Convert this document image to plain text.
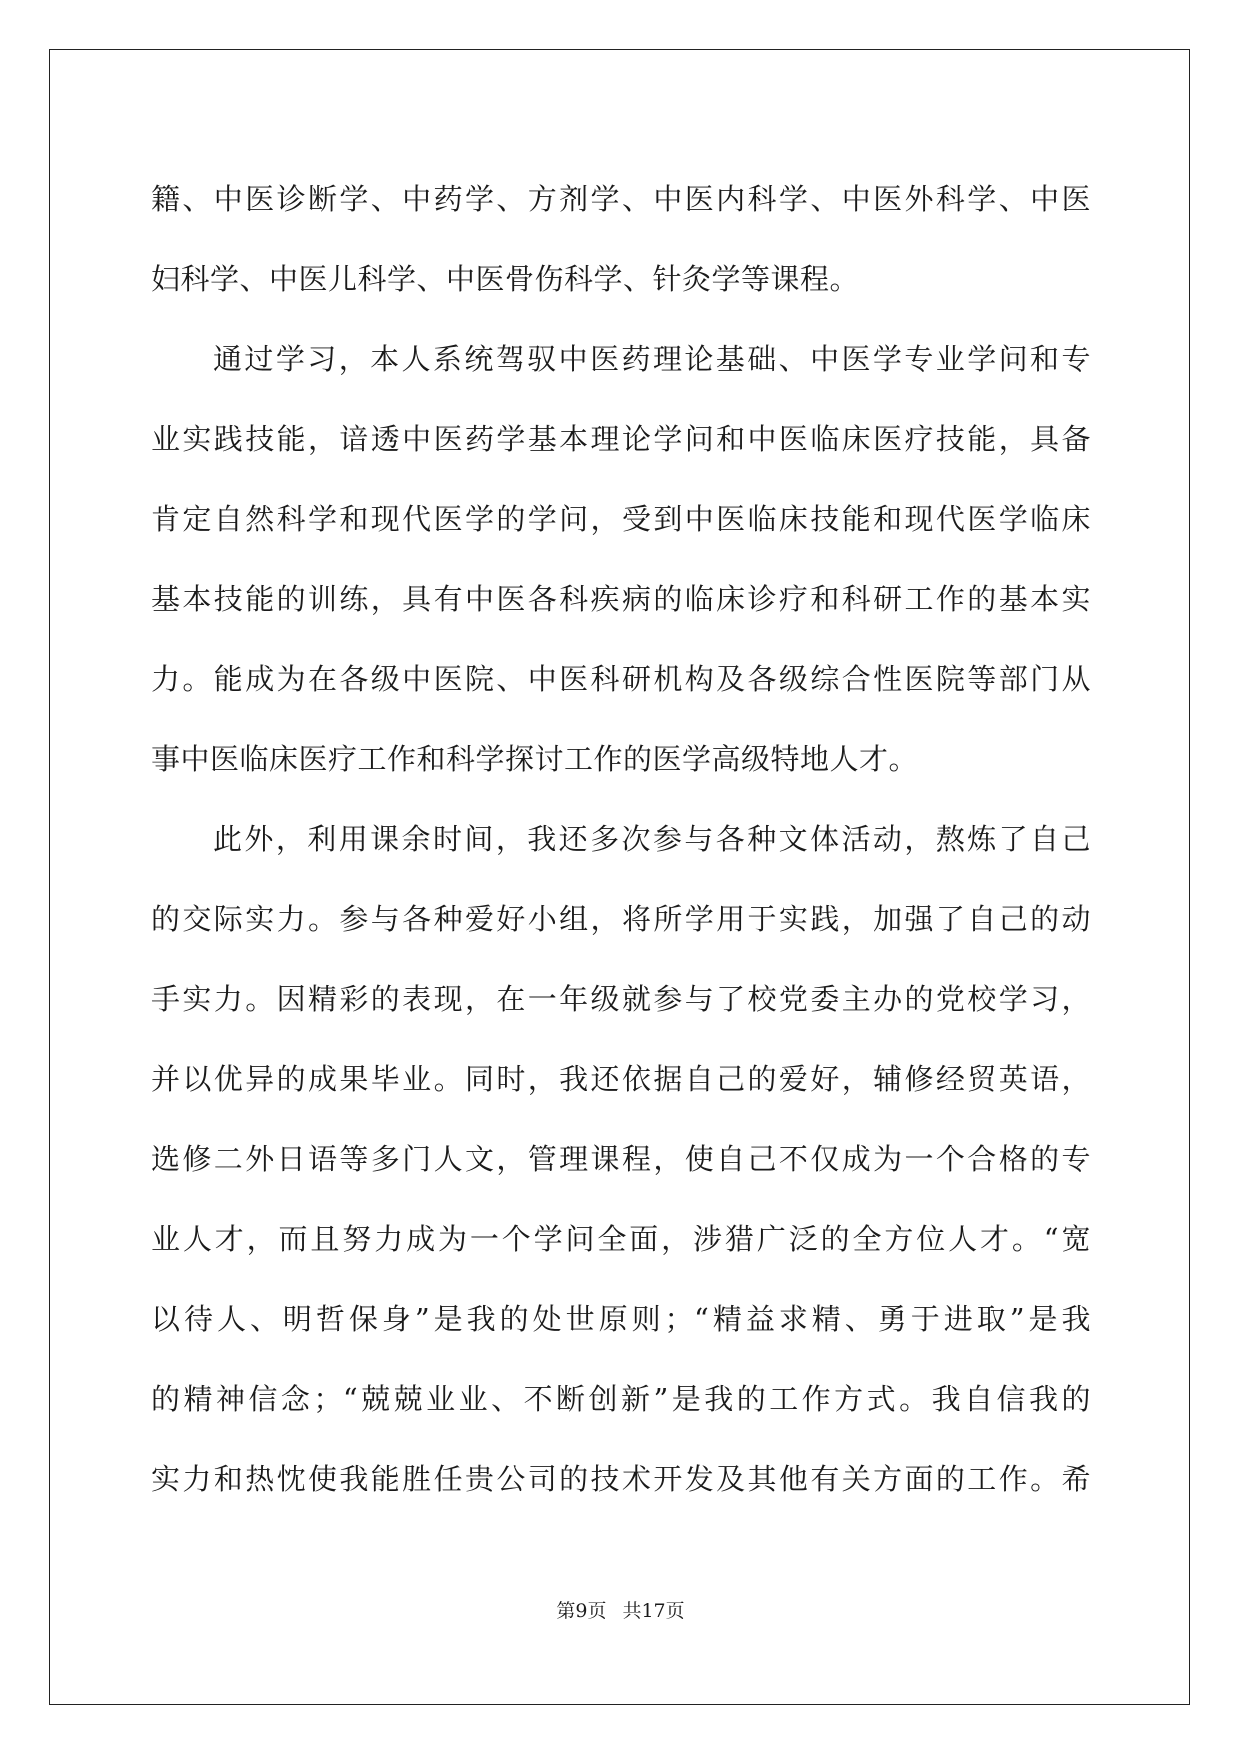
籍、中医诊断学、中药学、方剂学、中医内科学、中医外科学、中医
妇科学、中医儿科学、中医骨伤科学、针灸学等课程。
通过学习，本人系统驾驭中医药理论基础、中医学专业学问和专
业实践技能，谙透中医药学基本理论学问和中医临床医疗技能，具备
肯定自然科学和现代医学的学问，受到中医临床技能和现代医学临床
基本技能的训练，具有中医各科疾病的临床诊疗和科研工作的基本实
力。能成为在各级中医院、中医科研机构及各级综合性医院等部门从
事中医临床医疗工作和科学探讨工作的医学高级特地人才。
此外，利用课余时间，我还多次参与各种文体活动，熬炼了自己
的交际实力。参与各种爱好小组，将所学用于实践，加强了自己的动
手实力。因精彩的表现，在一年级就参与了校党委主办的党校学习，
并以优异的成果毕业。同时，我还依据自己的爱好，辅修经贸英语，
选修二外日语等多门人文，管理课程，使自己不仅成为一个合格的专
业人才，而且努力成为一个学问全面，涉猎广泛的全方位人才。“宽
以待人、明哲保身”是我的处世原则；“精益求精、勇于进取”是我
的精神信念；“兢兢业业、不断创新”是我的工作方式。我自信我的
实力和热忱使我能胜任贵公司的技术开发及其他有关方面的工作。希
第9页 共17页
